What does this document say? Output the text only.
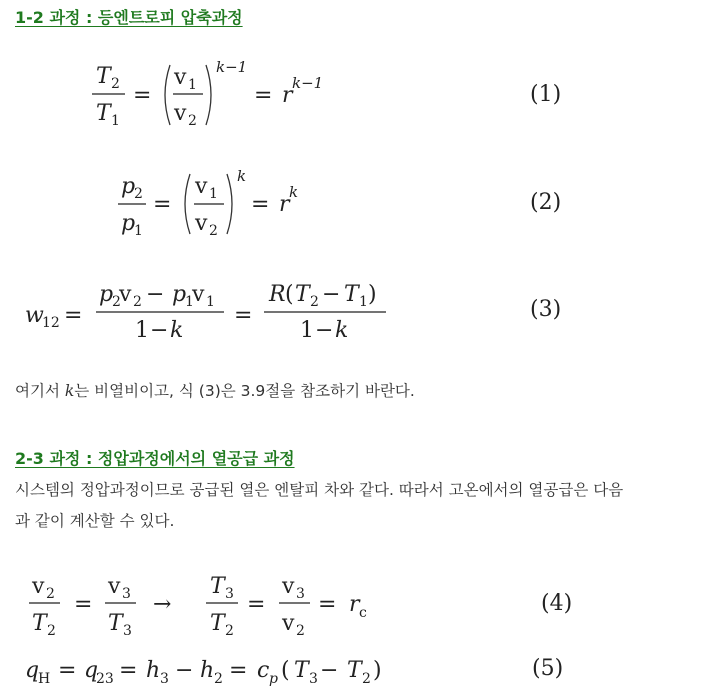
1-2 과정 : 등엔트로피 압축과정
T 2
T 1
=
v 1
v 2
k−1
= r k−1	(1)
p
2
p
1
=
v 1
v 2
k
= r k	(2)
w
12 =
p
2
v 2 − p
1
v 1
1 − k
=
R ( T 2 − T 1 )
1 − k
(3)
v 2
T 2
=
v 3
T 3
→
T 3
T 2
=
v 3
v 2
= r c	(4)
q
H = q
23 = h 3 − h 2 = c p ( T 3 − T 2 )	(5)
여기서 k는 비열비이고, 식 (3)은 3.9절을 참조하기 바란다.
2-3 과정 : 정압과정에서의 열공급 과정
시스템의 정압과정이므로 공급된 열은 엔탈피 차와 같다. 따라서 고온에서의 열공급은 다음
과 같이 계산할 수 있다.
